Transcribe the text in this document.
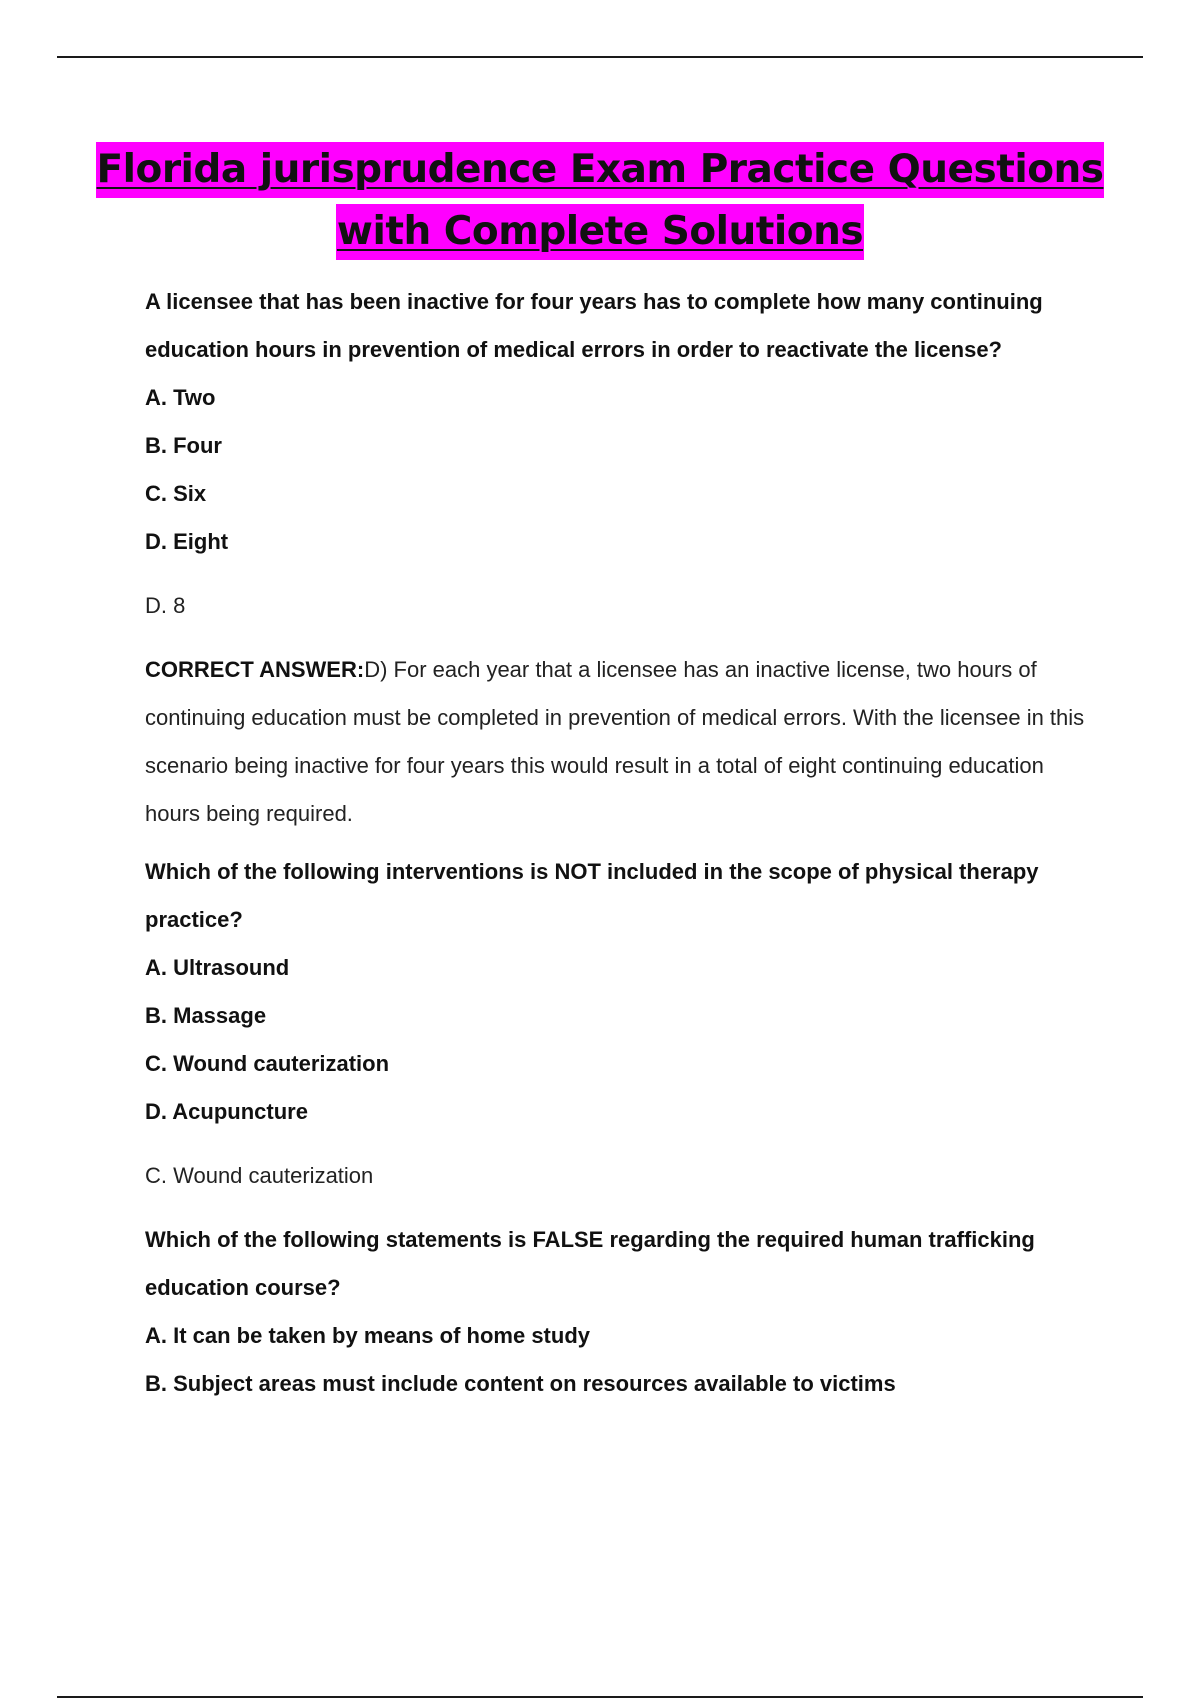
Florida jurisprudence Exam Practice Questions
with Complete Solutions

A licensee that has been inactive for four years has to complete how many continuing education hours in prevention of medical errors in order to reactivate the license?

A. Two

B. Four

C. Six

D. Eight

D. 8

CORRECT ANSWER:D) For each year that a licensee has an inactive license, two hours of continuing education must be completed in prevention of medical errors. With the licensee in this scenario being inactive for four years this would result in a total of eight continuing education hours being required.

Which of the following interventions is NOT included in the scope of physical therapy practice?

A. Ultrasound

B. Massage

C. Wound cauterization

D. Acupuncture

C. Wound cauterization

Which of the following statements is FALSE regarding the required human trafficking education course?

A. It can be taken by means of home study

B. Subject areas must include content on resources available to victims
